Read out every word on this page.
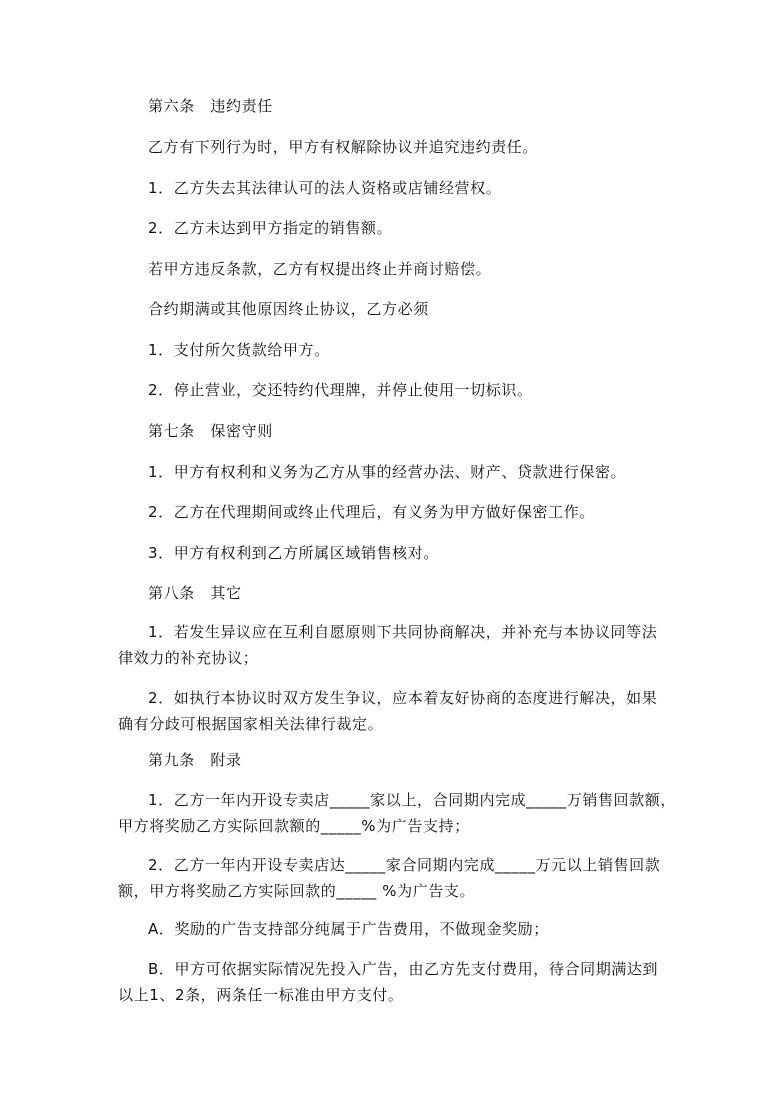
第六条　违约责任
乙方有下列行为时，甲方有权解除协议并追究违约责任。
1．乙方失去其法律认可的法人资格或店铺经营权。
2．乙方未达到甲方指定的销售额。
若甲方违反条款，乙方有权提出终止并商讨赔偿。
合约期满或其他原因终止协议，乙方必须
1．支付所欠货款给甲方。
2．停止营业，交还特约代理牌，并停止使用一切标识。
第七条　保密守则
1．甲方有权利和义务为乙方从事的经营办法、财产、贷款进行保密。
2．乙方在代理期间或终止代理后，有义务为甲方做好保密工作。
3．甲方有权利到乙方所属区域销售核对。
第八条　其它
1．若发生异议应在互利自愿原则下共同协商解决，并补充与本协议同等法
律效力的补充协议；
2．如执行本协议时双方发生争议，应本着友好协商的态度进行解决，如果
确有分歧可根据国家相关法律行裁定。
第九条　附录
1．乙方一年内开设专卖店_____家以上，合同期内完成_____万销售回款额，
甲方将奖励乙方实际回款额的_____%为广告支持；
2．乙方一年内开设专卖店达_____家合同期内完成_____万元以上销售回款
额，甲方将奖励乙方实际回款的_____ %为广告支。
A．奖励的广告支持部分纯属于广告费用，不做现金奖励；
B．甲方可依据实际情况先投入广告，由乙方先支付费用，待合同期满达到
以上1、2条，两条任一标准由甲方支付。
